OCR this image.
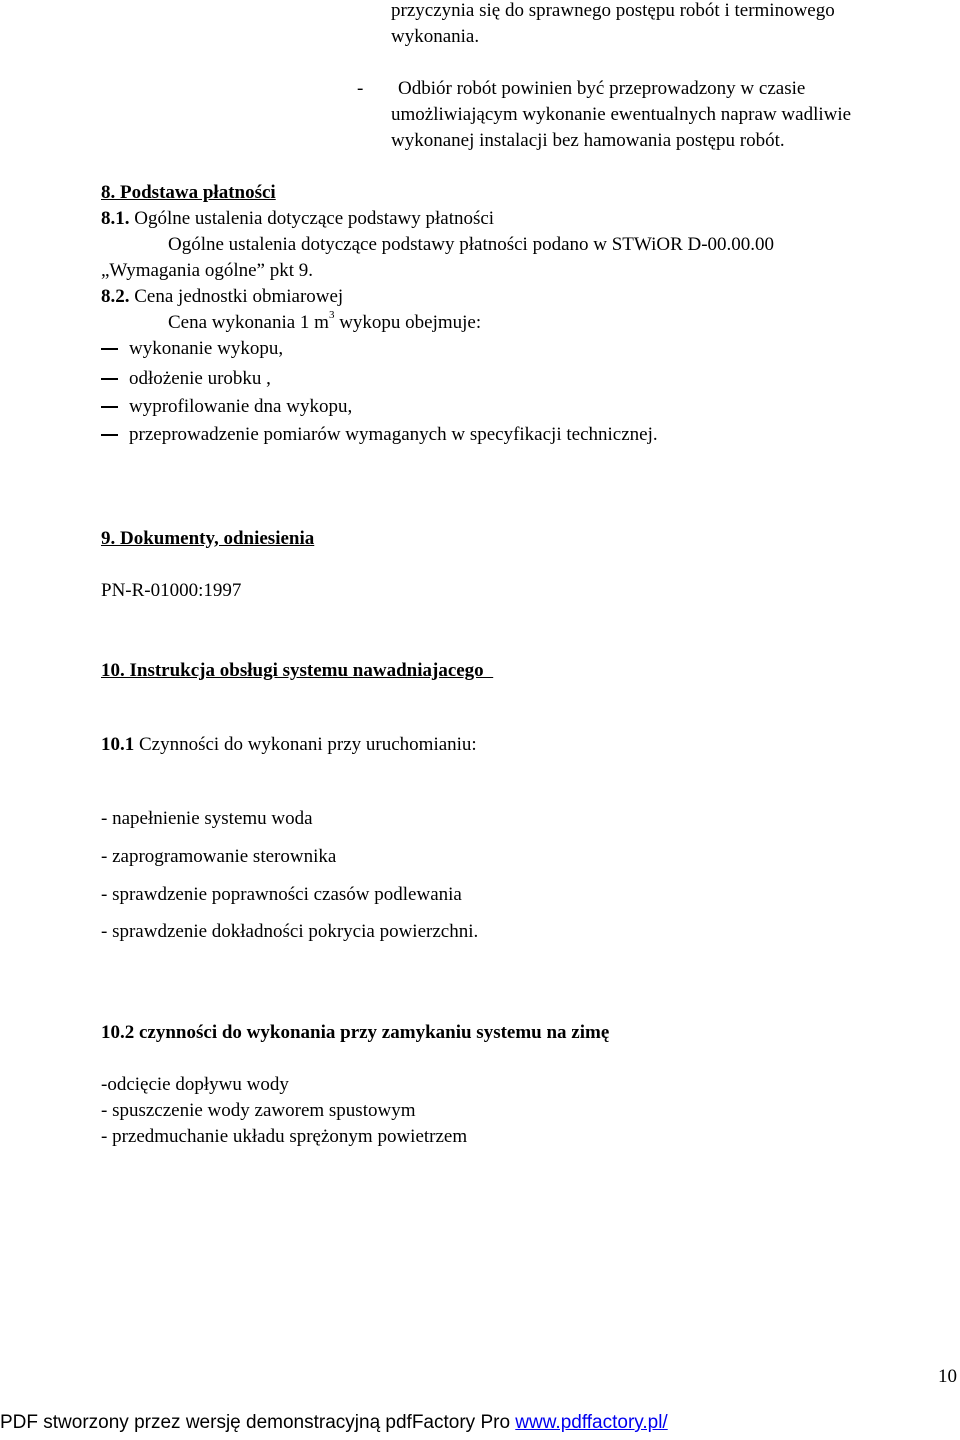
przyczynia się do sprawnego postępu robót i terminowego
wykonania.
- Odbiór robót powinien być przeprowadzony w czasie
umożliwiającym wykonanie ewentualnych napraw wadliwie
wykonanej instalacji bez hamowania postępu robót.
8. Podstawa płatności
8.1. Ogólne ustalenia dotyczące podstawy płatności
Ogólne ustalenia dotyczące podstawy płatności podano w STWiOR D-00.00.00
„Wymagania ogólne” pkt 9.
8.2. Cena jednostki obmiarowej
Cena wykonania 1 $m^3$ wykopu obejmuje:
wykonanie wykopu,
odłożenie urobku ,
wyprofilowanie dna wykopu,
przeprowadzenie pomiarów wymaganych w specyfikacji technicznej.
9. Dokumenty, odniesienia
PN-R-01000:1997
10. Instrukcja obsługi systemu nawadniajacego
10.1 Czynności do wykonani przy uruchomianiu:
- napełnienie systemu woda
- zaprogramowanie sterownika
- sprawdzenie poprawności czasów podlewania
- sprawdzenie dokładności pokrycia powierzchni.
10.2 czynności do wykonania przy zamykaniu systemu na zimę
-odcięcie dopływu wody
- spuszczenie wody zaworem spustowym
- przedmuchanie układu sprężonym powietrzem
10
PDF stworzony przez wersję demonstracyjną pdfFactory Pro www.pdffactory.pl/
